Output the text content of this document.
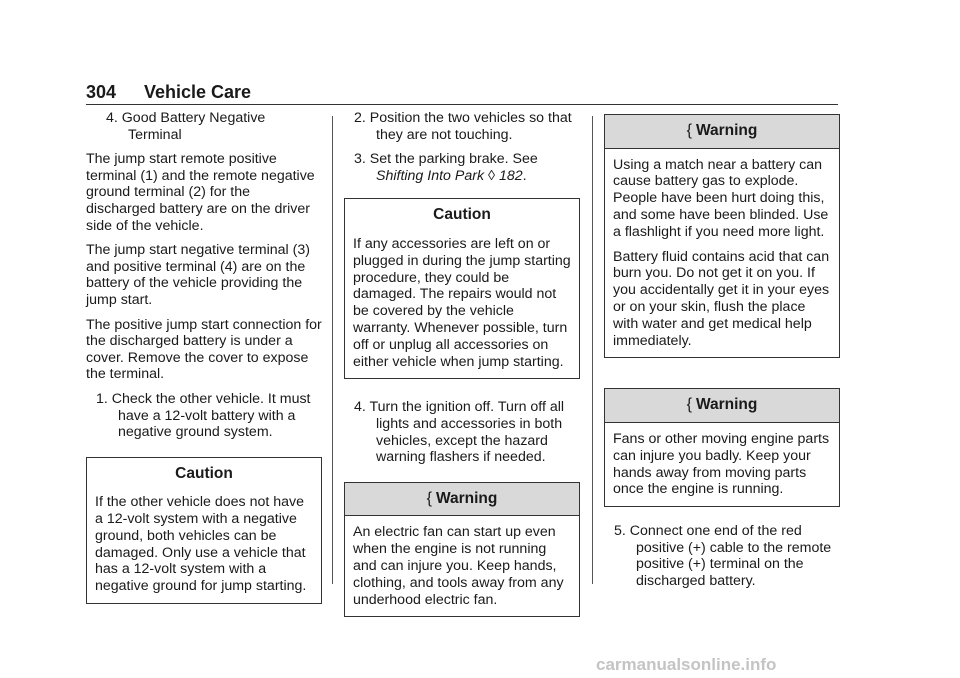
304 Vehicle Care
4. Good Battery Negative Terminal

The jump start remote positive terminal (1) and the remote negative ground terminal (2) for the discharged battery are on the driver side of the vehicle.

The jump start negative terminal (3) and positive terminal (4) are on the battery of the vehicle providing the jump start.

The positive jump start connection for the discharged battery is under a cover. Remove the cover to expose the terminal.

1. Check the other vehicle. It must have a 12-volt battery with a negative ground system.
Caution

If the other vehicle does not have a 12-volt system with a negative ground, both vehicles can be damaged. Only use a vehicle that has a 12-volt system with a negative ground for jump starting.

2. Position the two vehicles so that they are not touching.
3. Set the parking brake. See Shifting Into Park ◊ 182.
Caution

If any accessories are left on or plugged in during the jump starting procedure, they could be damaged. The repairs would not be covered by the vehicle warranty. Whenever possible, turn off or unplug all accessories on either vehicle when jump starting.

4. Turn the ignition off. Turn off all lights and accessories in both vehicles, except the hazard warning flashers if needed.
{ Warning

An electric fan can start up even when the engine is not running and can injure you. Keep hands, clothing, and tools away from any underhood electric fan.

{ Warning

Using a match near a battery can cause battery gas to explode. People have been hurt doing this, and some have been blinded. Use a flashlight if you need more light.

Battery fluid contains acid that can burn you. Do not get it on you. If you accidentally get it in your eyes or on your skin, flush the place with water and get medical help immediately.

{ Warning

Fans or other moving engine parts can injure you badly. Keep your hands away from moving parts once the engine is running.

5. Connect one end of the red positive (+) cable to the remote positive (+) terminal on the discharged battery.
carmanualsonline.info
